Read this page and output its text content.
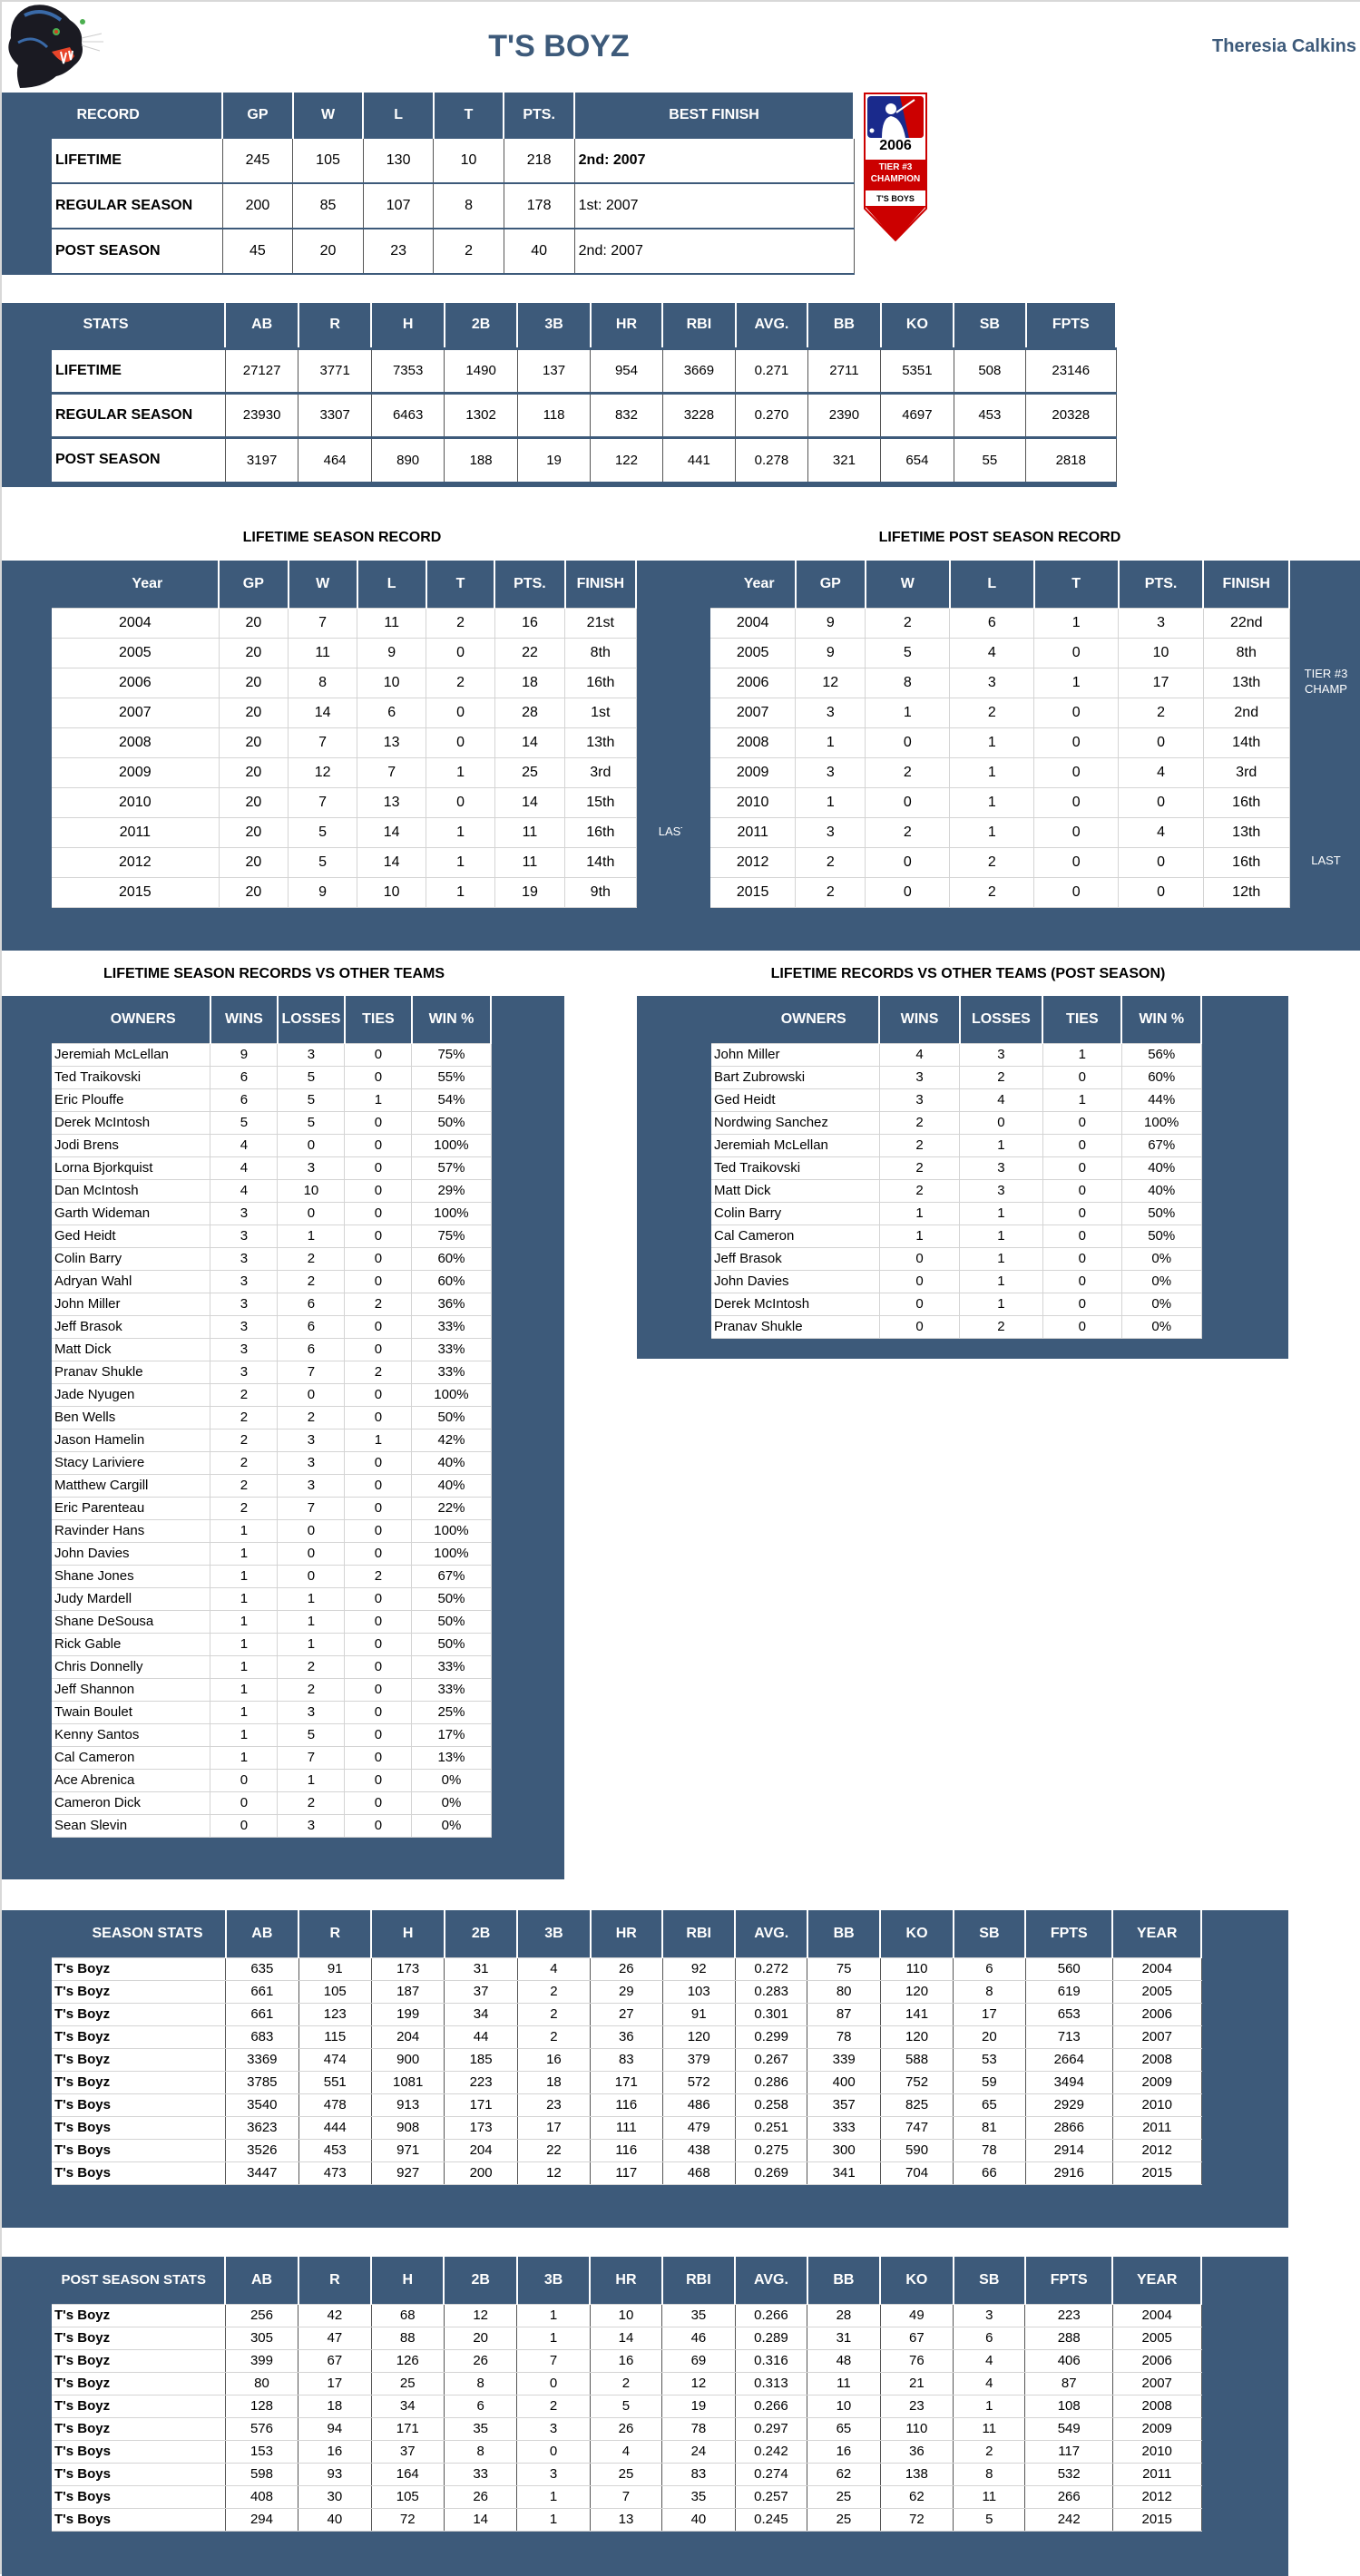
T'S BOYZ	Theresia Calkins
RECORD	GP	W	L	T	PTS.	BEST FINISH
LIFETIME	245	105	130	10	218	2nd: 2007
REGULAR SEASON	200	85	107	8	178	1st: 2007
POST SEASON	45	20	23	2	40	2nd: 2007
2006
TIER #3
CHAMPION
T'S BOYS
STATS	AB	R	H	2B	3B	HR	RBI	AVG.	BB	KO	SB	FPTS
LIFETIME	27127	3771	7353	1490	137	954	3669	0.271	2711	5351	508	23146
REGULAR SEASON	23930	3307	6463	1302	118	832	3228	0.270	2390	4697	453	20328
POST SEASON	3197	464	890	188	19	122	441	0.278	321	654	55	2818
LIFETIME SEASON RECORD	LIFETIME POST SEASON RECORD
Year	GP	W	L	T	PTS.	FINISH
2004	20	7	11	2	16	21st
2005	20	11	9	0	22	8th
2006	20	8	10	2	18	16th
2007	20	14	6	0	28	1st
2008	20	7	13	0	14	13th
2009	20	12	7	1	25	3rd
2010	20	7	13	0	14	15th
2011	20	5	14	1	11	16th
2012	20	5	14	1	11	14th
2015	20	9	10	1	19	9th
LAST
Year	GP	W	L	T	PTS.	FINISH
2004	9	2	6	1	3	22nd
2005	9	5	4	0	10	8th
2006	12	8	3	1	17	13th
2007	3	1	2	0	2	2nd
2008	1	0	1	0	0	14th
2009	3	2	1	0	4	3rd
2010	1	0	1	0	0	16th
2011	3	2	1	0	4	13th
2012	2	0	2	0	0	16th
2015	2	0	2	0	0	12th
TIER #3
CHAMP
LAST
LIFETIME SEASON RECORDS VS OTHER TEAMS	LIFETIME RECORDS VS OTHER TEAMS (POST SEASON)
OWNERS	WINS	LOSSES	TIES	WIN %
Jeremiah McLellan	9	3	0	75%
Ted Traikovski	6	5	0	55%
Eric Plouffe	6	5	1	54%
Derek McIntosh	5	5	0	50%
Jodi Brens	4	0	0	100%
Lorna Bjorkquist	4	3	0	57%
Dan McIntosh	4	10	0	29%
Garth Wideman	3	0	0	100%
Ged Heidt	3	1	0	75%
Colin Barry	3	2	0	60%
Adryan Wahl	3	2	0	60%
John Miller	3	6	2	36%
Jeff Brasok	3	6	0	33%
Matt Dick	3	6	0	33%
Pranav Shukle	3	7	2	33%
Jade Nyugen	2	0	0	100%
Ben Wells	2	2	0	50%
Jason Hamelin	2	3	1	42%
Stacy Lariviere	2	3	0	40%
Matthew Cargill	2	3	0	40%
Eric Parenteau	2	7	0	22%
Ravinder Hans	1	0	0	100%
John Davies	1	0	0	100%
Shane Jones	1	0	2	67%
Judy Mardell	1	1	0	50%
Shane DeSousa	1	1	0	50%
Rick Gable	1	1	0	50%
Chris Donnelly	1	2	0	33%
Jeff Shannon	1	2	0	33%
Twain Boulet	1	3	0	25%
Kenny Santos	1	5	0	17%
Cal Cameron	1	7	0	13%
Ace Abrenica	0	1	0	0%
Cameron Dick	0	2	0	0%
Sean Slevin	0	3	0	0%
OWNERS	WINS	LOSSES	TIES	WIN %
John Miller	4	3	1	56%
Bart Zubrowski	3	2	0	60%
Ged Heidt	3	4	1	44%
Nordwing Sanchez	2	0	0	100%
Jeremiah McLellan	2	1	0	67%
Ted Traikovski	2	3	0	40%
Matt Dick	2	3	0	40%
Colin Barry	1	1	0	50%
Cal Cameron	1	1	0	50%
Jeff Brasok	0	1	0	0%
John Davies	0	1	0	0%
Derek McIntosh	0	1	0	0%
Pranav Shukle	0	2	0	0%
SEASON STATS	AB	R	H	2B	3B	HR	RBI	AVG.	BB	KO	SB	FPTS	YEAR
T's Boyz	635	91	173	31	4	26	92	0.272	75	110	6	560	2004
T's Boyz	661	105	187	37	2	29	103	0.283	80	120	8	619	2005
T's Boyz	661	123	199	34	2	27	91	0.301	87	141	17	653	2006
T's Boyz	683	115	204	44	2	36	120	0.299	78	120	20	713	2007
T's Boyz	3369	474	900	185	16	83	379	0.267	339	588	53	2664	2008
T's Boyz	3785	551	1081	223	18	171	572	0.286	400	752	59	3494	2009
T's Boys	3540	478	913	171	23	116	486	0.258	357	825	65	2929	2010
T's Boys	3623	444	908	173	17	111	479	0.251	333	747	81	2866	2011
T's Boys	3526	453	971	204	22	116	438	0.275	300	590	78	2914	2012
T's Boys	3447	473	927	200	12	117	468	0.269	341	704	66	2916	2015
POST SEASON STATS	AB	R	H	2B	3B	HR	RBI	AVG.	BB	KO	SB	FPTS	YEAR
T's Boyz	256	42	68	12	1	10	35	0.266	28	49	3	223	2004
T's Boyz	305	47	88	20	1	14	46	0.289	31	67	6	288	2005
T's Boyz	399	67	126	26	7	16	69	0.316	48	76	4	406	2006
T's Boyz	80	17	25	8	0	2	12	0.313	11	21	4	87	2007
T's Boyz	128	18	34	6	2	5	19	0.266	10	23	1	108	2008
T's Boyz	576	94	171	35	3	26	78	0.297	65	110	11	549	2009
T's Boys	153	16	37	8	0	4	24	0.242	16	36	2	117	2010
T's Boys	598	93	164	33	3	25	83	0.274	62	138	8	532	2011
T's Boys	408	30	105	26	1	7	35	0.257	25	62	11	266	2012
T's Boys	294	40	72	14	1	13	40	0.245	25	72	5	242	2015
